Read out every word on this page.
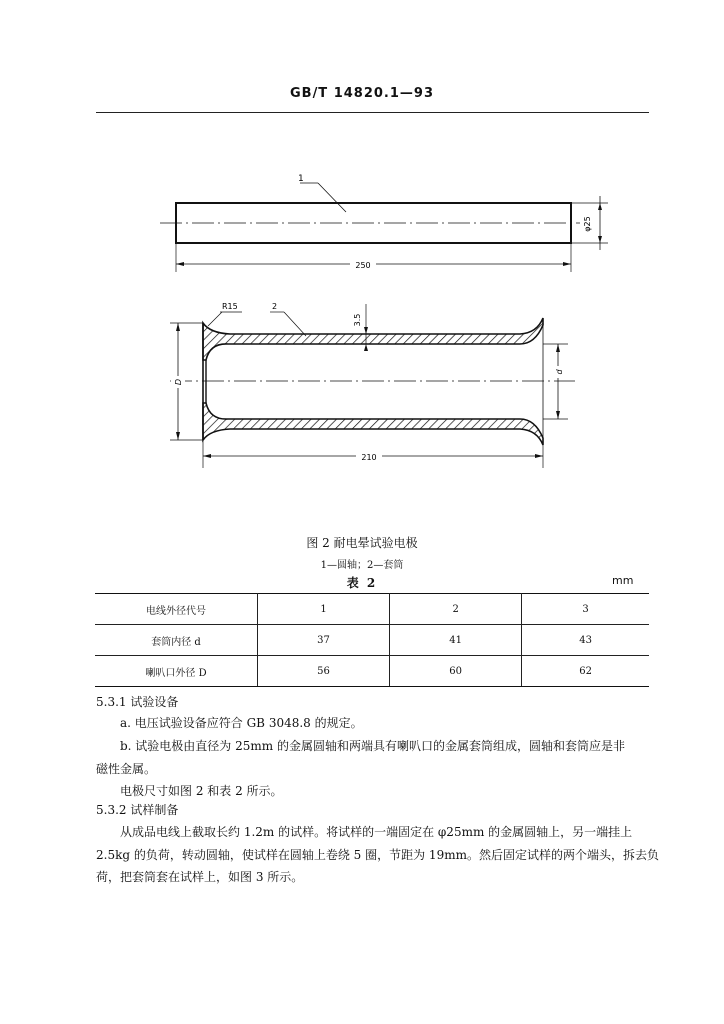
GB/T 14820.1—93
1
φ25
250
R15	2
3.5
D
d
210
图 2 耐电晕试验电极
1—圆轴；2—套筒
表 2	mm
电线外径代号	1	2	3
套筒内径 d	37	41	43
喇叭口外径 D	56	60	62
5.3.1 试验设备
a. 电压试验设备应符合 GB 3048.8 的规定。
b. 试验电极由直径为 25mm 的金属圆轴和两端具有喇叭口的金属套筒组成，圆轴和套筒应是非
磁性金属。
电极尺寸如图 2 和表 2 所示。
5.3.2 试样制备
从成品电线上截取长约 1.2m 的试样。将试样的一端固定在 φ25mm 的金属圆轴上，另一端挂上
2.5kg 的负荷，转动圆轴，使试样在圆轴上卷绕 5 圈，节距为 19mm。然后固定试样的两个端头，拆去负
荷，把套筒套在试样上，如图 3 所示。
